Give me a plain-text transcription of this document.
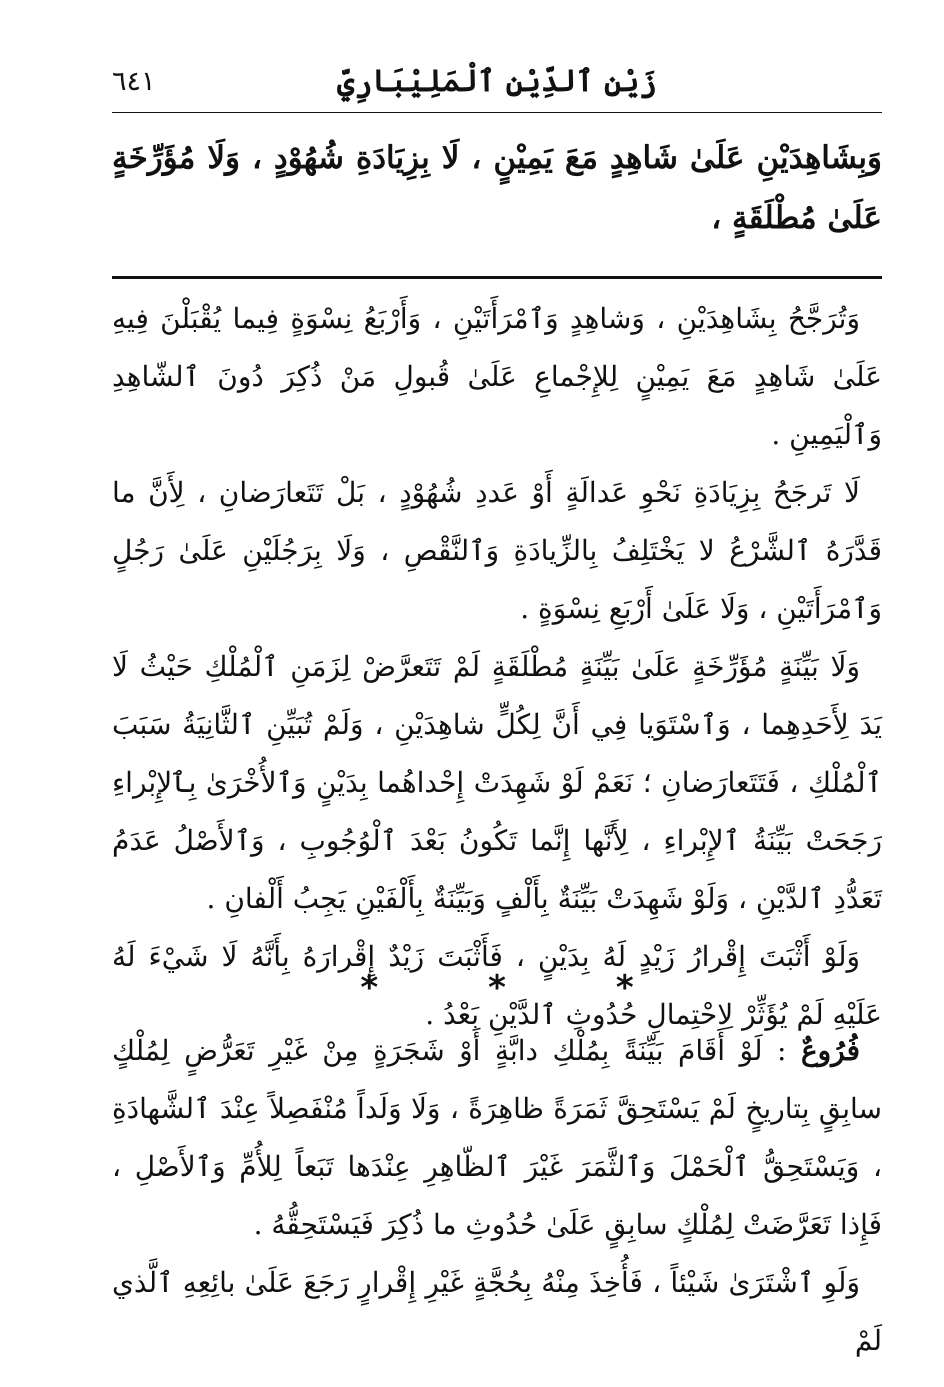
زَيْنِ ٱلدِّيْنِ ٱلْمَلِيْبَارِيِّ
٦٤١
وَبِشَاهِدَيْنِ عَلَىٰ شَاهِدٍ مَعَ يَمِيْنٍ ، لَا بِزِيَادَةِ شُهُوْدٍ ، وَلَا مُؤَرِّخَةٍ عَلَىٰ مُطْلَقَةٍ ،

وَتُرَجَّحُ بِشَاهِدَيْنِ ، وَشاهِدٍ وَٱمْرَأَتَيْنِ ، وَأَرْبَعُ نِسْوَةٍ فِيما يُقْبَلْنَ فِيهِ عَلَىٰ شَاهِدٍ مَعَ يَمِيْنٍ لِلإِجْماعِ عَلَىٰ قُبولِ مَنْ ذُكِرَ دُونَ ٱلشّاهِدِ وَٱلْيَمِينِ .

لَا تَرجَحُ بِزِيَادَةِ نَحْوِ عَدالَةٍ أَوْ عَددِ شُهُوْدٍ ، بَلْ تَتَعارَضانِ ، لِأَنَّ ما قَدَّرَهُ ٱلشَّرْعُ لا يَخْتَلِفُ بِالزِّيادَةِ وَٱلنَّقْصِ ، وَلَا بِرَجُلَيْنِ عَلَىٰ رَجُلٍ وَٱمْرَأَتَيْنِ ، وَلَا عَلَىٰ أَرْبَعِ نِسْوَةٍ .

وَلَا بَيِّنَةٍ مُؤَرِّخَةٍ عَلَىٰ بَيِّنَةٍ مُطْلَقَةٍ لَمْ تَتَعرَّضْ لِزَمَنِ ٱلْمُلْكِ حَيْثُ لَا يَدَ لِأَحَدِهِما ، وَٱسْتَوَيا فِي أَنَّ لِكُلٍّ شاهِدَيْنِ ، وَلَمْ تُبَيِّنِ ٱلثَّانِيَةُ سَبَبَ ٱلْمُلْكِ ، فَتَتَعارَضانِ ؛ نَعَمْ لَوْ شَهِدَتْ إِحْداهُما بِدَيْنٍ وَٱلأُخْرَىٰ بِٱلإِبْراءِ رَجَحَتْ بَيِّنَةُ ٱلإِبْراءِ ، لِأَنَّها إِنَّما تَكُونُ بَعْدَ ٱلْوُجُوبِ ، وَٱلأَصْلُ عَدَمُ تَعَدُّدِ ٱلدَّيْنِ ، وَلَوْ شَهِدَتْ بَيِّنَةٌ بِأَلْفٍ وَبَيِّنَةٌ بِأَلْفَيْنِ يَجِبُ أَلْفانِ .

وَلَوْ أَثْبَتَ إِقْرارُ زَيْدٍ لَهُ بِدَيْنٍ ، فَأَثْبَتَ زَيْدٌ إِقْرارَهُ بِأَنَّهُ لَا شَيْءَ لَهُ عَلَيْهِ لَمْ يُؤَثِّرْ لِاحْتِمالِ حُدُوثِ ٱلدَّيْنِ بَعْدُ .

*	*	*

فُرُوعٌ : لَوْ أَقَامَ بَيِّنَةً بِمُلْكِ دابَّةٍ أَوْ شَجَرَةٍ مِنْ غَيْرِ تَعَرُّضٍ لِمُلْكٍ سابِقٍ بِتاريخٍ لَمْ يَسْتَحِقَّ ثَمَرَةً ظاهِرَةً ، وَلَا وَلَداً مُنْفَصِلاً عِنْدَ ٱلشَّهادَةِ ، وَيَسْتَحِقُّ ٱلْحَمْلَ وَٱلثَّمَرَ غَيْرَ ٱلظّاهِرِ عِنْدَها تَبَعاً لِلأُمِّ وَٱلأَصْلِ ، فَإِذا تَعَرَّضَتْ لِمُلْكٍ سابِقٍ عَلَىٰ حُدُوثِ ما ذُكِرَ فَيَسْتَحِقُّهُ .

وَلَوِ ٱشْتَرَىٰ شَيْئاً ، فَأُخِذَ مِنْهُ بِحُجَّةٍ غَيْرِ إِقْرارٍ رَجَعَ عَلَىٰ بائِعِهِ ٱلَّذي لَمْ
